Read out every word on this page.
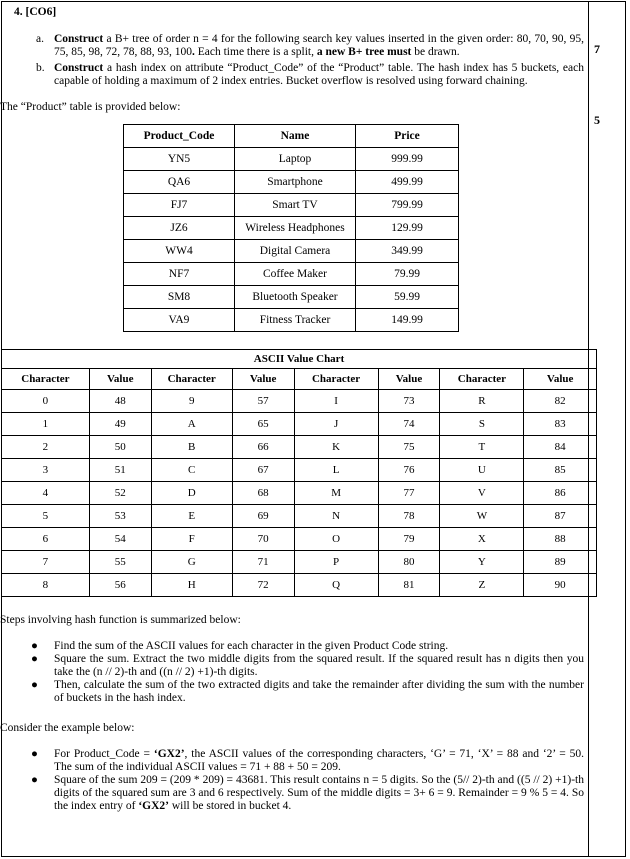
7
5
4. [CO6]
a. Construct a B+ tree of order n = 4 for the following search key values inserted in the given order: 80, 70, 90, 95, 75, 85, 98, 72, 78, 88, 93, 100. Each time there is a split, a new B+ tree must be drawn.
b. Construct a hash index on attribute “Product_Code” of the “Product” table. The hash index has 5 buckets, each capable of holding a maximum of 2 index entries. Bucket overflow is resolved using forward chaining.

The “Product” table is provided below:

Product_Code	Name	Price
YN5	Laptop	999.99
QA6	Smartphone	499.99
FJ7	Smart TV	799.99
JZ6	Wireless Headphones	129.99
WW4	Digital Camera	349.99
NF7	Coffee Maker	79.99
SM8	Bluetooth Speaker	59.99
VA9	Fitness Tracker	149.99
ASCII Value Chart							
Character	Value	Character	Value	Character	Value	Character	Value
0	48	9	57	I	73	R	82
1	49	A	65	J	74	S	83
2	50	B	66	K	75	T	84
3	51	C	67	L	76	U	85
4	52	D	68	M	77	V	86
5	53	E	69	N	78	W	87
6	54	F	70	O	79	X	88
7	55	G	71	P	80	Y	89
8	56	H	72	Q	81	Z	90

Steps involving hash function is summarized below:

● Find the sum of the ASCII values for each character in the given Product Code string.
● Square the sum. Extract the two middle digits from the squared result. If the squared result has n digits then you take the (n // 2)-th and ((n // 2) +1)-th digits.
● Then, calculate the sum of the two extracted digits and take the remainder after dividing the sum with the number of buckets in the hash index.

Consider the example below:

● For Product_Code = ‘GX2’, the ASCII values of the corresponding characters, ‘G’ = 71, ‘X’ = 88 and ‘2’ = 50. The sum of the individual ASCII values = 71 + 88 + 50 = 209.
● Square of the sum 209 = (209 * 209) = 43681. This result contains n = 5 digits. So the (5// 2)-th and ((5 // 2) +1)-th digits of the squared sum are 3 and 6 respectively. Sum of the middle digits = 3+ 6 = 9. Remainder = 9 % 5 = 4. So the index entry of ‘GX2’ will be stored in bucket 4.
